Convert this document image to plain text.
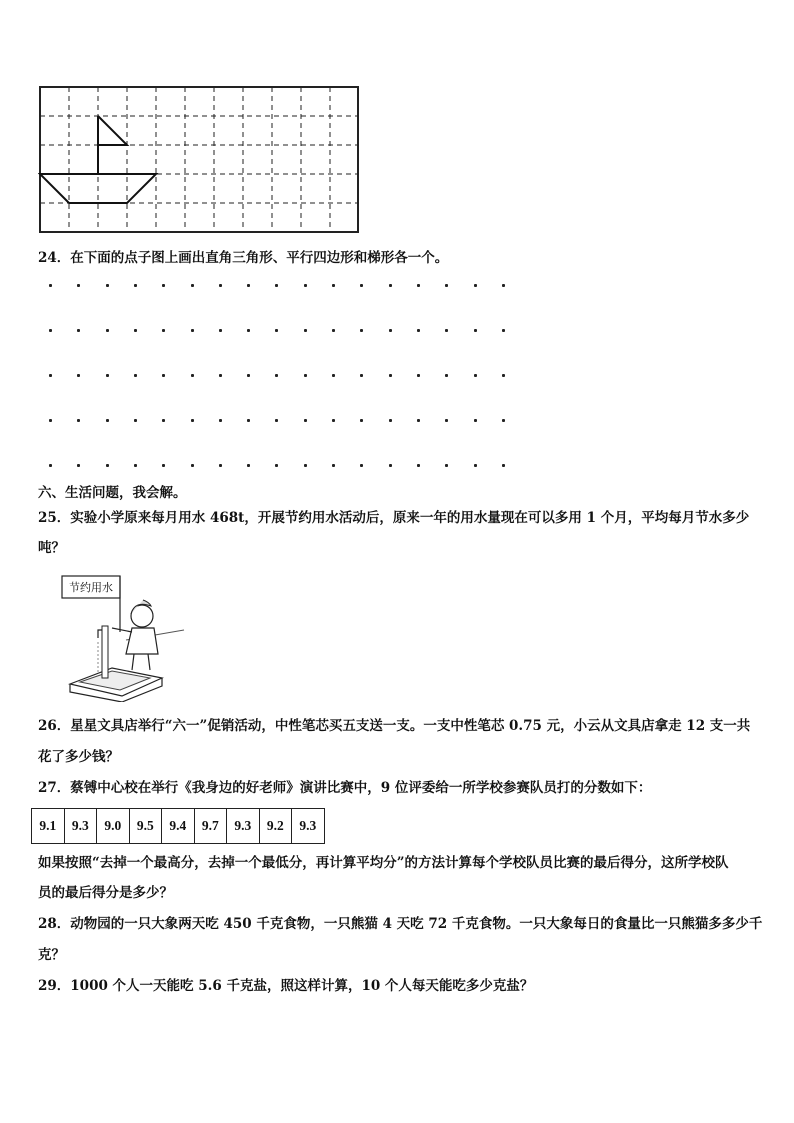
24．在下面的点子图上画出直角三角形、平行四边形和梯形各一个。
六、生活问题，我会解。
25．实验小学原来每月用水 468t，开展节约用水活动后，原来一年的用水量现在可以多用 1 个月，平均每月节水多少
吨？
节约用水
26．星星文具店举行“六一”促销活动，中性笔芯买五支送一支。一支中性笔芯 0.75 元，小云从文具店拿走 12 支一共
花了多少钱？
27．蔡镈中心校在举行《我身边的好老师》演讲比赛中，9 位评委给一所学校参赛队员打的分数如下：
9.1	9.3	9.0	9.5	9.4	9.7	9.3	9.2	9.3
如果按照“去掉一个最高分，去掉一个最低分，再计算平均分”的方法计算每个学校队员比赛的最后得分，这所学校队
员的最后得分是多少？
28．动物园的一只大象两天吃 450 千克食物，一只熊猫 4 天吃 72 千克食物。一只大象每日的食量比一只熊猫多多少千
克？
29．1000 个人一天能吃 5.6 千克盐，照这样计算，10 个人每天能吃多少克盐？
